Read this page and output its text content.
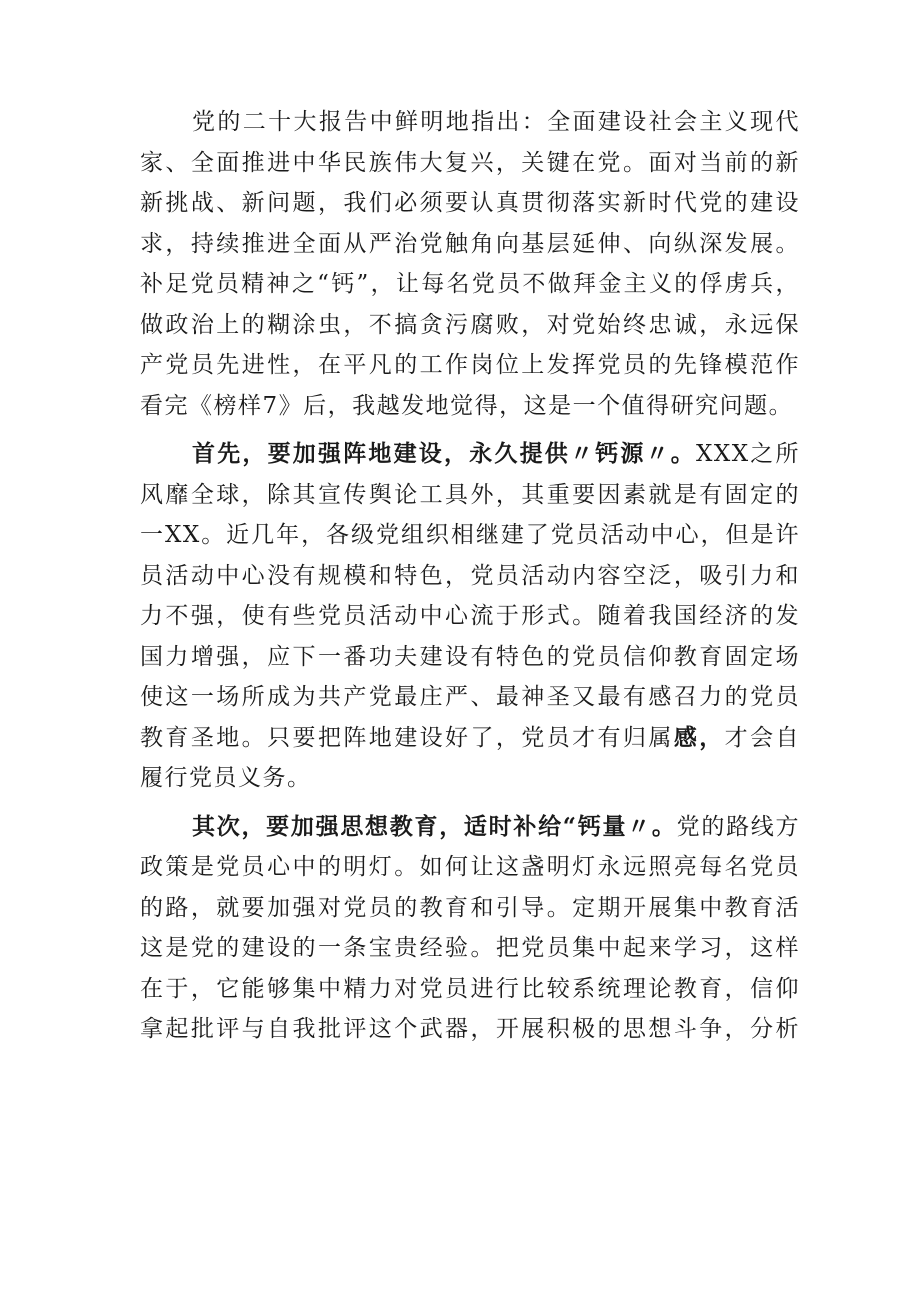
党的二十大报告中鲜明地指出：全面建设社会主义现代
家、全面推进中华民族伟大复兴，关键在党。面对当前的新
新挑战、新问题，我们必须要认真贯彻落实新时代党的建设
求，持续推进全面从严治党触角向基层延伸、向纵深发展。
补足党员精神之“钙”，让每名党员不做拜金主义的俘虏兵，
做政治上的糊涂虫，不搞贪污腐败，对党始终忠诚，永远保
产党员先进性，在平凡的工作岗位上发挥党员的先锋模范作
看完《榜样7》后，我越发地觉得，这是一个值得研究问题。
首先，要加强阵地建设，永久提供〃钙源〃。XXX之所
风靡全球，除其宣传舆论工具外，其重要因素就是有固定的
一XX。近几年，各级党组织相继建了党员活动中心，但是许
员活动中心没有规模和特色，党员活动内容空泛，吸引力和
力不强，使有些党员活动中心流于形式。随着我国经济的发
国力增强，应下一番功夫建设有特色的党员信仰教育固定场
使这一场所成为共产党最庄严、最神圣又最有感召力的党员
教育圣地。只要把阵地建设好了，党员才有归属感，才会自
履行党员义务。
其次，要加强思想教育，适时补给“钙量〃。党的路线方
政策是党员心中的明灯。如何让这盏明灯永远照亮每名党员
的路，就要加强对党员的教育和引导。定期开展集中教育活
这是党的建设的一条宝贵经验。把党员集中起来学习，这样
在于，它能够集中精力对党员进行比较系统理论教育，信仰
拿起批评与自我批评这个武器，开展积极的思想斗争，分析
